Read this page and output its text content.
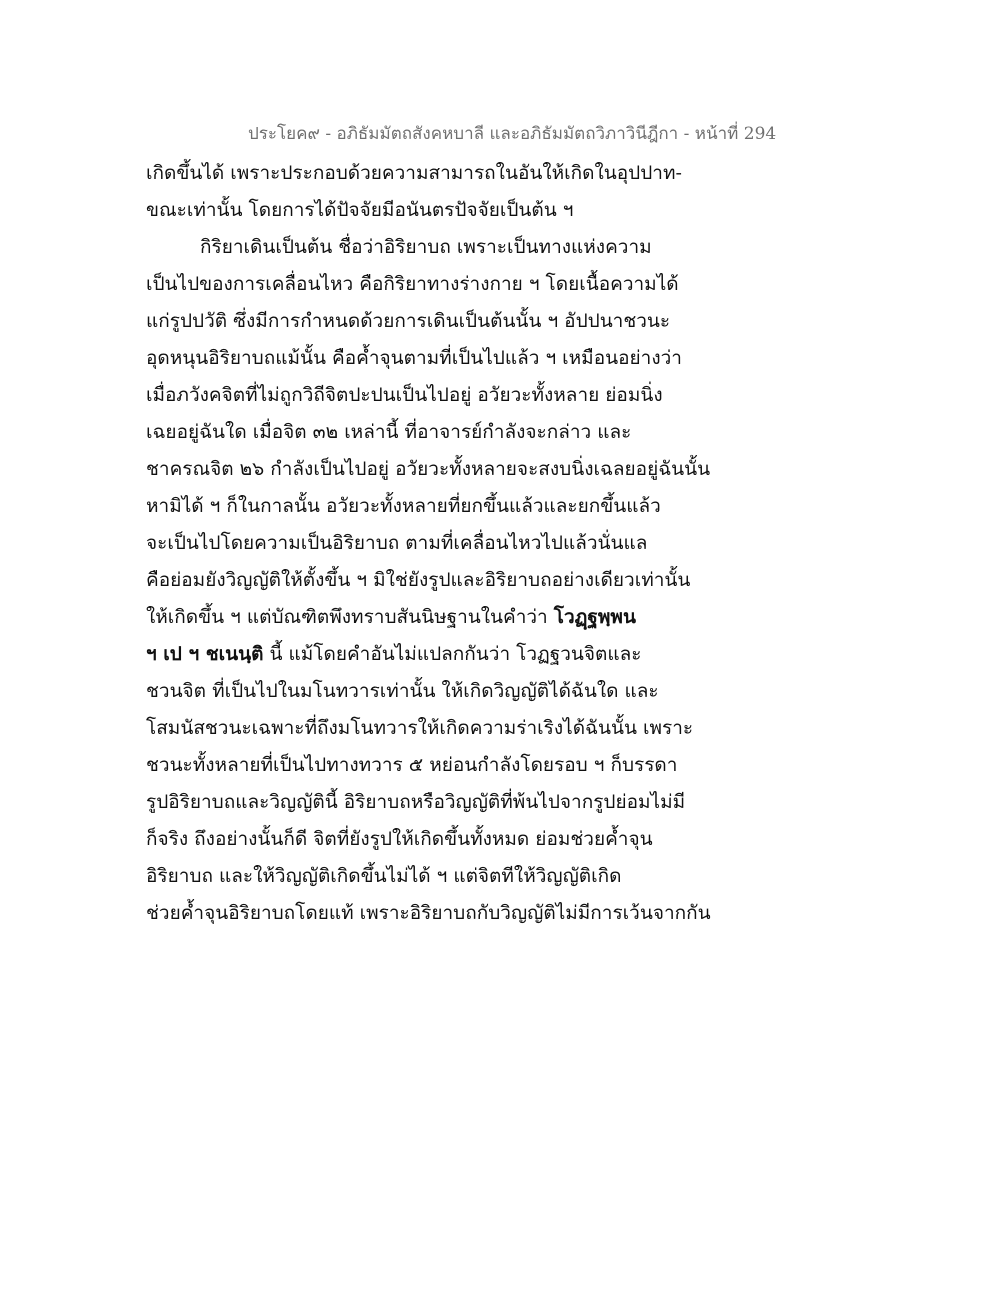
ประโยค๙ - อภิธัมมัตถสังคหบาลี และอภิธัมมัตถวิภาวินีฎีกา - หน้าที่ 294
เกิดขึ้นได้ เพราะประกอบด้วยความสามารถในอันให้เกิดในอุปปาท-
ขณะเท่านั้น โดยการได้ปัจจัยมีอนันตรปัจจัยเป็นต้น ฯ
กิริยาเดินเป็นต้น ชื่อว่าอิริยาบถ เพราะเป็นทางแห่งความ
เป็นไปของการเคลื่อนไหว คือกิริยาทางร่างกาย ฯ โดยเนื้อความได้
แก่รูปปวัติ ซึ่งมีการกำหนดด้วยการเดินเป็นต้นนั้น ฯ อัปปนาชวนะ
อุดหนุนอิริยาบถแม้นั้น คือค้ำจุนตามที่เป็นไปแล้ว ฯ เหมือนอย่างว่า
เมื่อภวังคจิตที่ไม่ถูกวิถีจิตปะปนเป็นไปอยู่ อวัยวะทั้งหลาย ย่อมนิ่ง
เฉยอยู่ฉันใด เมื่อจิต ๓๒ เหล่านี้ ที่อาจารย์กำลังจะกล่าว และ
ชาครณจิต ๒๖ กำลังเป็นไปอยู่ อวัยวะทั้งหลายจะสงบนิ่งเฉลยอยู่ฉันนั้น
หามิได้ ฯ ก็ในกาลนั้น อวัยวะทั้งหลายที่ยกขึ้นแล้วและยกขึ้นแล้ว
จะเป็นไปโดยความเป็นอิริยาบถ ตามที่เคลื่อนไหวไปแล้วนั่นแล
คือย่อมยังวิญญัติให้ตั้งขึ้น ฯ มิใช่ยังรูปและอิริยาบถอย่างเดียวเท่านั้น
ให้เกิดขึ้น ฯ แต่บัณฑิตพึงทราบสันนิษฐานในคำว่า โวฏฺฐพฺพน
ฯ เป ฯ ชเนนฺติ นี้ แม้โดยคำอันไม่แปลกกันว่า โวฏฐวนจิตและ
ชวนจิต ที่เป็นไปในมโนทวารเท่านั้น ให้เกิดวิญญัติได้ฉันใด และ
โสมนัสชวนะเฉพาะที่ถึงมโนทวารให้เกิดความร่าเริงได้ฉันนั้น เพราะ
ชวนะทั้งหลายที่เป็นไปทางทวาร ๕ หย่อนกำลังโดยรอบ ฯ ก็บรรดา
รูปอิริยาบถและวิญญัตินี้ อิริยาบถหรือวิญญัติที่พ้นไปจากรูปย่อมไม่มี
ก็จริง ถึงอย่างนั้นก็ดี จิตที่ยังรูปให้เกิดขึ้นทั้งหมด ย่อมช่วยค้ำจุน
อิริยาบถ และให้วิญญัติเกิดขึ้นไม่ได้ ฯ แต่จิตทีให้วิญญัติเกิด
ช่วยค้ำจุนอิริยาบถโดยแท้ เพราะอิริยาบถกับวิญญัติไม่มีการเว้นจากกัน
